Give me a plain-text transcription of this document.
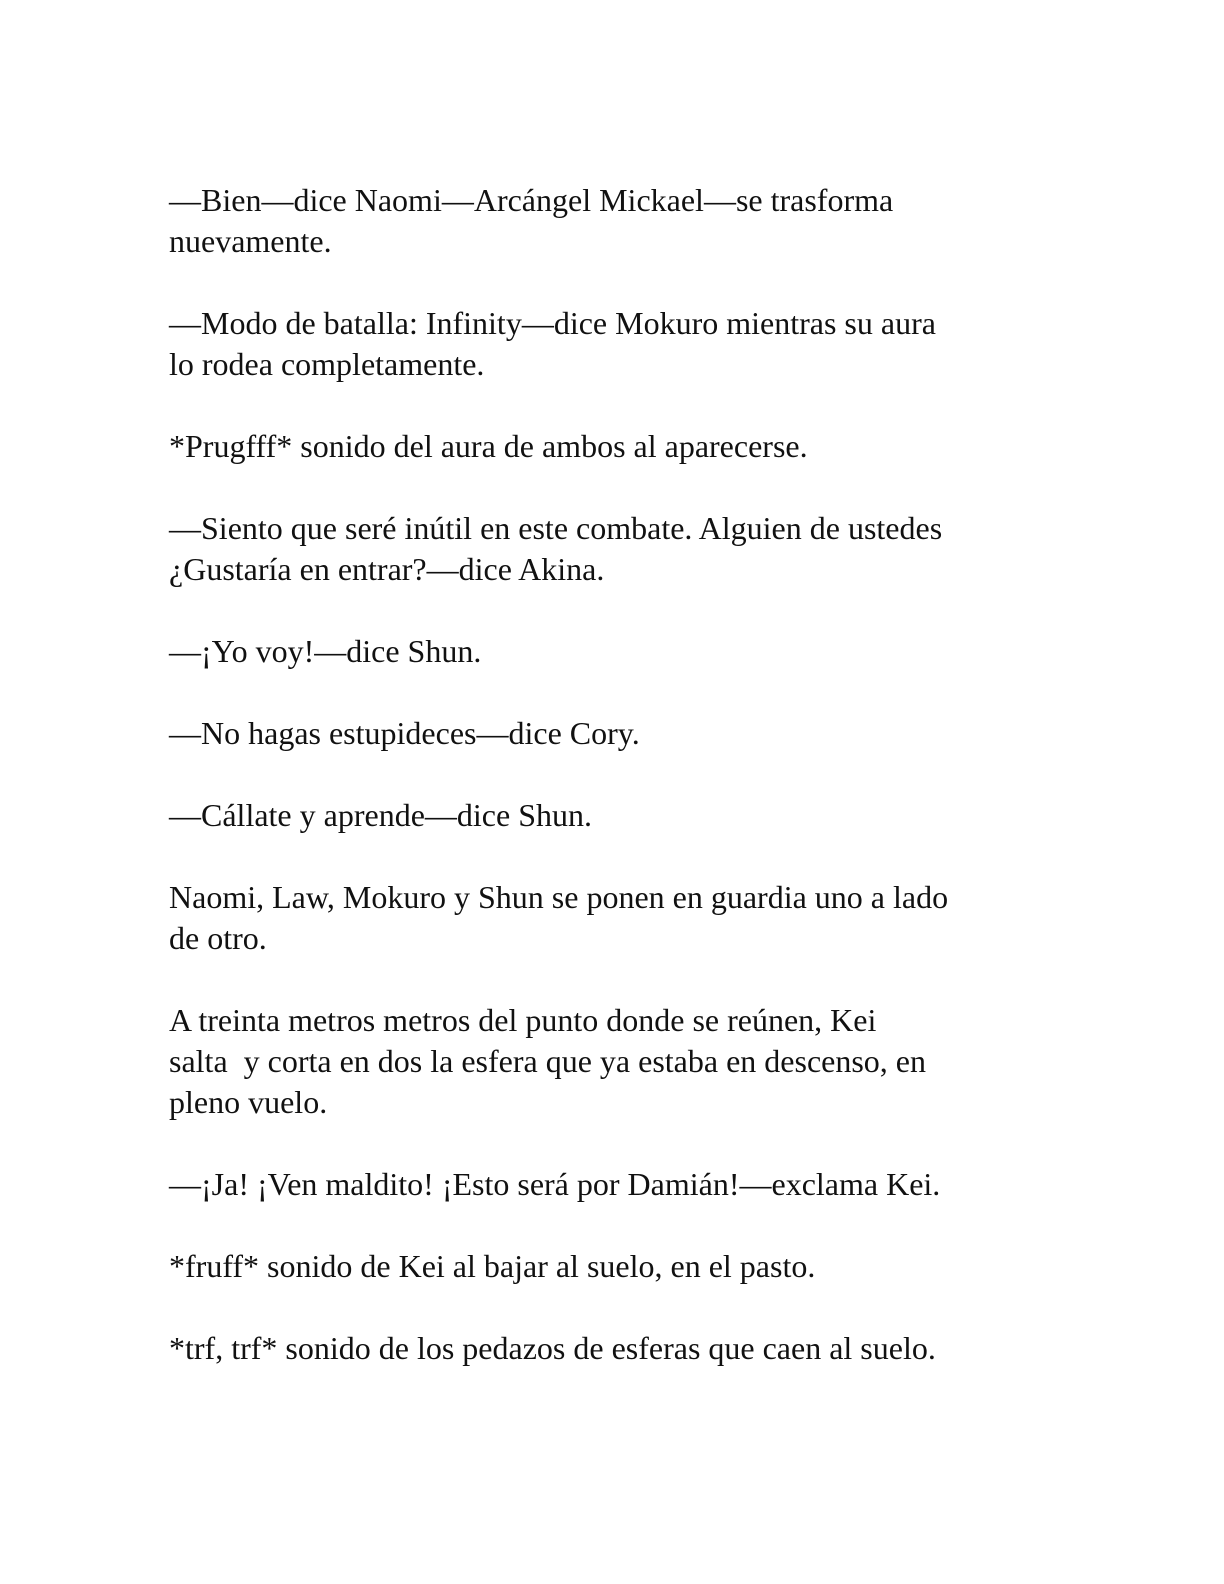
—Bien—dice Naomi—Arcángel Mickael—se trasforma
nuevamente.

—Modo de batalla: Infinity—dice Mokuro mientras su aura
lo rodea completamente.

*Prugfff* sonido del aura de ambos al aparecerse.

—Siento que seré inútil en este combate. Alguien de ustedes
¿Gustaría en entrar?—dice Akina.

—¡Yo voy!—dice Shun.

—No hagas estupideces—dice Cory.

—Cállate y aprende—dice Shun.

Naomi, Law, Mokuro y Shun se ponen en guardia uno a lado
de otro.

A treinta metros metros del punto donde se reúnen, Kei
salta  y corta en dos la esfera que ya estaba en descenso, en
pleno vuelo.

—¡Ja! ¡Ven maldito! ¡Esto será por Damián!—exclama Kei.

*fruff* sonido de Kei al bajar al suelo, en el pasto.

*trf, trf* sonido de los pedazos de esferas que caen al suelo.
